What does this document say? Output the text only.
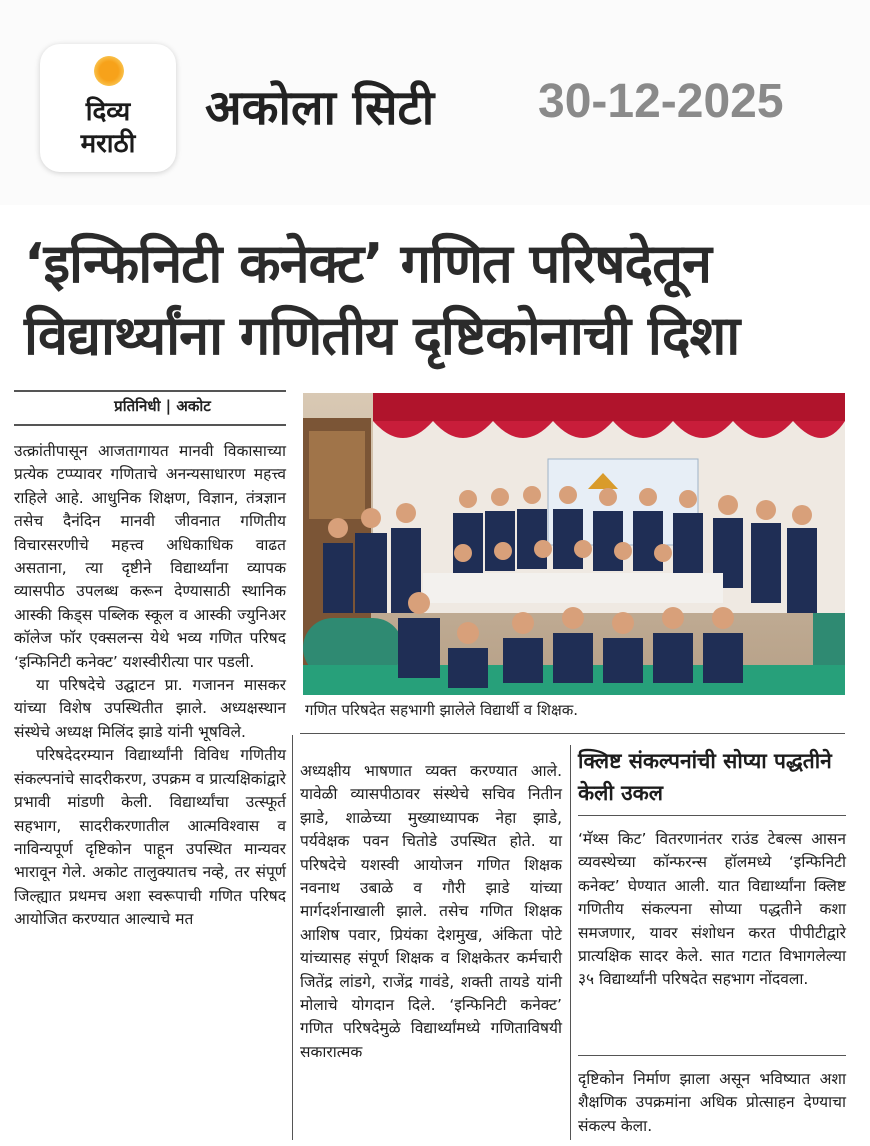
दिव्य
मराठी
अकोला सिटी 30-12-2025
‘इन्फिनिटी कनेक्ट’ गणित परिषदेतून
विद्यार्थ्यांना गणितीय दृष्टिकोनाची दिशा
प्रतिनिधी | अकोट
गणित परिषदेत सहभागी झालेले विद्यार्थी व शिक्षक.

उत्क्रांतीपासून आजतागायत मानवी विकासाच्या प्रत्येक टप्प्यावर गणिताचे अनन्यसाधारण महत्त्व राहिले आहे. आधुनिक शिक्षण, विज्ञान, तंत्रज्ञान तसेच दैनंदिन मानवी जीवनात गणितीय विचारसरणीचे महत्त्व अधिकाधिक वाढत असताना, त्या दृष्टीने विद्यार्थ्यांना व्यापक व्यासपीठ उपलब्ध करून देण्यासाठी स्थानिक आस्की किड्स पब्लिक स्कूल व आस्की ज्युनिअर कॉलेज फॉर एक्सलन्स येथे भव्य गणित परिषद ‘इन्फिनिटी कनेक्ट’ यशस्वीरीत्या पार पडली.

या परिषदेचे उद्घाटन प्रा. गजानन मासकर यांच्या विशेष उपस्थितीत झाले. अध्यक्षस्थान संस्थेचे अध्यक्ष मिलिंद झाडे यांनी भूषविले.

परिषदेदरम्यान विद्यार्थ्यांनी विविध गणितीय संकल्पनांचे सादरीकरण, उपक्रम व प्रात्यक्षिकांद्वारे प्रभावी मांडणी केली. विद्यार्थ्यांचा उत्स्फूर्त सहभाग, सादरीकरणातील आत्मविश्वास व नाविन्यपूर्ण दृष्टिकोन पाहून उपस्थित मान्यवर भारावून गेले. अकोट तालुक्यातच नव्हे, तर संपूर्ण जिल्ह्यात प्रथमच अशा स्वरूपाची गणित परिषद आयोजित करण्यात आल्याचे मत

अध्यक्षीय भाषणात व्यक्त करण्यात आले. यावेळी व्यासपीठावर संस्थेचे सचिव नितीन झाडे, शाळेच्या मुख्याध्यापक नेहा झाडे, पर्यवेक्षक पवन चितोडे उपस्थित होते. या परिषदेचे यशस्वी आयोजन गणित शिक्षक नवनाथ उबाळे व गौरी झाडे यांच्या मार्गदर्शनाखाली झाले. तसेच गणित शिक्षक आशिष पवार, प्रियंका देशमुख, अंकिता पोटे यांच्यासह संपूर्ण शिक्षक व शिक्षकेतर कर्मचारी जितेंद्र लांडगे, राजेंद्र गावंडे, शक्ती तायडे यांनी मोलाचे योगदान दिले. ‘इन्फिनिटी कनेक्ट’ गणित परिषदेमुळे विद्यार्थ्यांमध्ये गणिताविषयी सकारात्मक

क्लिष्ट संकल्पनांची सोप्या पद्धतीने केली उकल

‘मॅथ्स किट’ वितरणानंतर राउंड टेबल्स आसन व्यवस्थेच्या कॉन्फरन्स हॉलमध्ये ‘इन्फिनिटी कनेक्ट’ घेण्यात आली. यात विद्यार्थ्यांना क्लिष्ट गणितीय संकल्पना सोप्या पद्धतीने कशा समजणार, यावर संशोधन करत पीपीटीद्वारे प्रात्यक्षिक सादर केले. सात गटात विभागलेल्या ३५ विद्यार्थ्यांनी परिषदेत सहभाग नोंदवला.

दृष्टिकोन निर्माण झाला असून भविष्यात अशा शैक्षणिक उपक्रमांना अधिक प्रोत्साहन देण्याचा संकल्प केला.
